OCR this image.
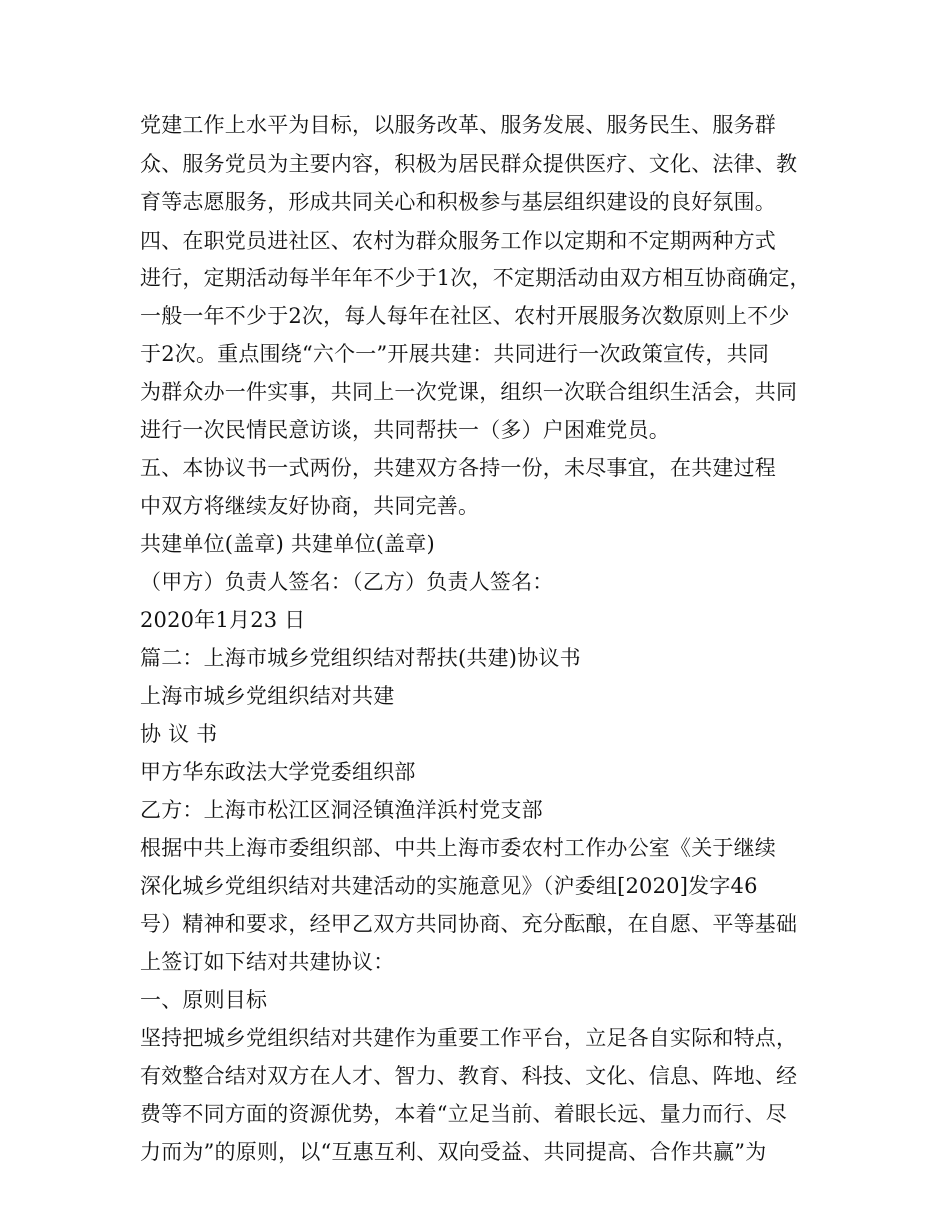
党建工作上水平为目标，以服务改革、服务发展、服务民生、服务群
众、服务党员为主要内容，积极为居民群众提供医疗、文化、法律、教
育等志愿服务，形成共同关心和积极参与基层组织建设的良好氛围。
四、在职党员进社区、农村为群众服务工作以定期和不定期两种方式
进行，定期活动每半年年不少于1次，不定期活动由双方相互协商确定，
一般一年不少于2次，每人每年在社区、农村开展服务次数原则上不少
于2次。重点围绕“六个一”开展共建：共同进行一次政策宣传，共同
为群众办一件实事，共同上一次党课，组织一次联合组织生活会，共同
进行一次民情民意访谈，共同帮扶一（多）户困难党员。
五、本协议书一式两份，共建双方各持一份，未尽事宜，在共建过程
中双方将继续友好协商，共同完善。
共建单位(盖章) 共建单位(盖章)
（甲方）负责人签名：（乙方）负责人签名：
2020年1月23 日
篇二：上海市城乡党组织结对帮扶(共建)协议书
上海市城乡党组织结对共建
协 议 书
甲方华东政法大学党委组织部
乙方：上海市松江区洞泾镇渔洋浜村党支部
根据中共上海市委组织部、中共上海市委农村工作办公室《关于继续
深化城乡党组织结对共建活动的实施意见》（沪委组[2020]发字46
号）精神和要求，经甲乙双方共同协商、充分酝酿，在自愿、平等基础
上签订如下结对共建协议：
一、原则目标
坚持把城乡党组织结对共建作为重要工作平台，立足各自实际和特点，
有效整合结对双方在人才、智力、教育、科技、文化、信息、阵地、经
费等不同方面的资源优势，本着“立足当前、着眼长远、量力而行、尽
力而为”的原则，以“互惠互利、双向受益、共同提高、合作共赢”为
